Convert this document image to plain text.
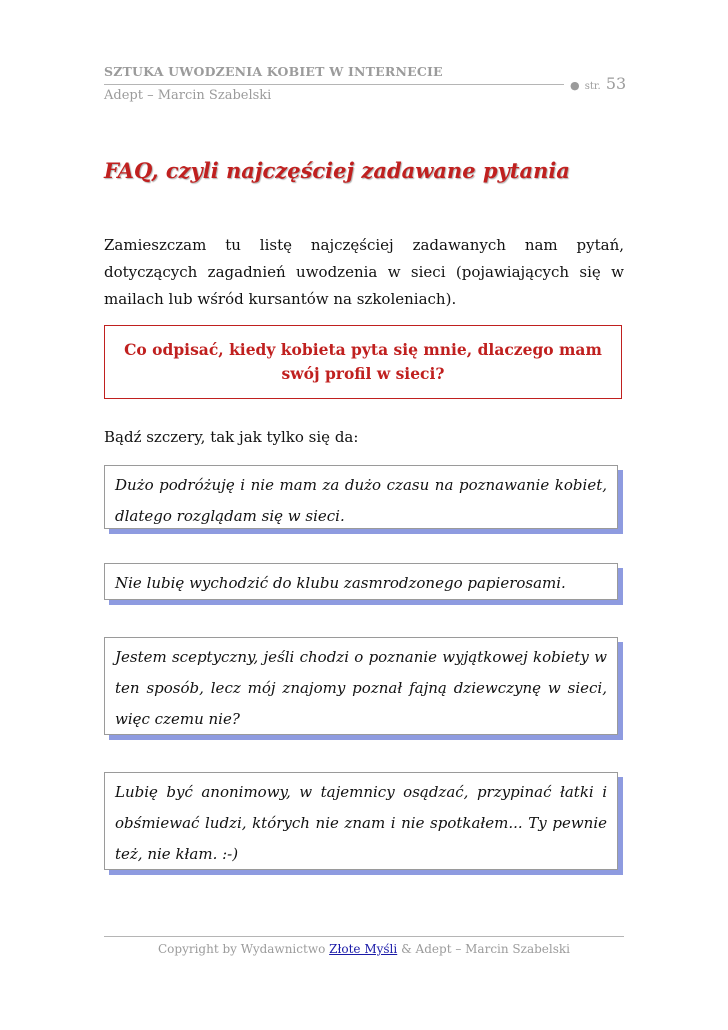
SZTUKA UWODZENIA KOBIET W INTERNECIE
Adept – Marcin Szabelski
● str. 53
FAQ, czyli najczęściej zadawane pytania

Zamieszczam tu listę najczęściej zadawanych nam pytań, dotyczących zagadnień uwodzenia w sieci (pojawiających się w mailach lub wśród kursantów na szkoleniach).

Co odpisać, kiedy kobieta pyta się mnie, dlaczego mam swój profil w sieci?
Bądź szczery, tak jak tylko się da:
Dużo podróżuję i nie mam za dużo czasu na poznawanie kobiet, dlatego rozglądam się w sieci.
Nie lubię wychodzić do klubu zasmrodzonego papierosami.
Jestem sceptyczny, jeśli chodzi o poznanie wyjątkowej kobiety w ten sposób, lecz mój znajomy poznał fajną dziewczynę w sieci, więc czemu nie?
Lubię być anonimowy, w tajemnicy osądzać, przypinać łatki i obśmiewać ludzi, których nie znam i nie spotkałem... Ty pewnie też, nie kłam. :-)
Copyright by Wydawnictwo Złote Myśli & Adept – Marcin Szabelski
